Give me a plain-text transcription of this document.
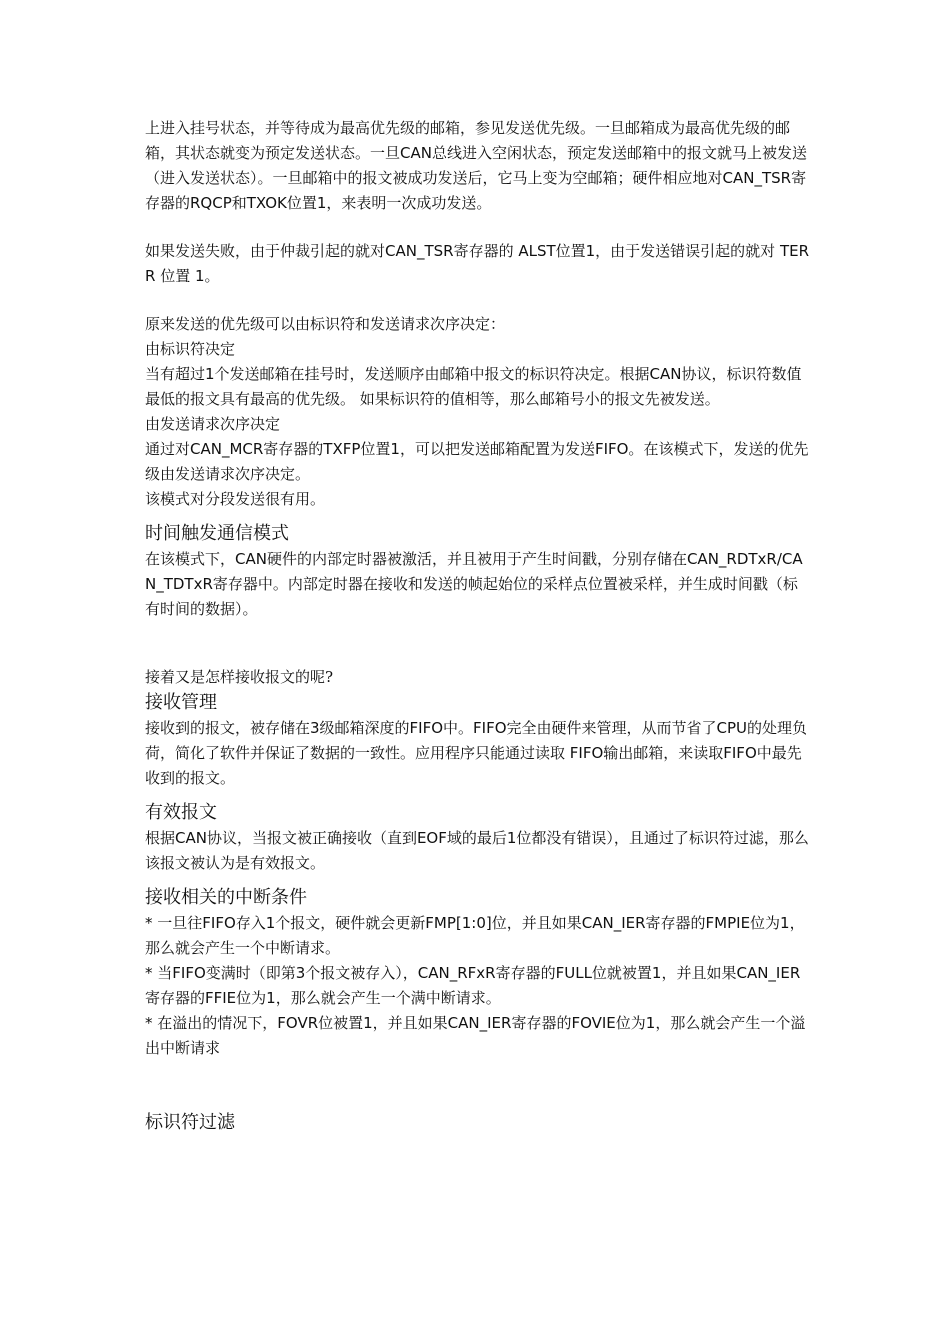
上进入挂号状态，并等待成为最高优先级的邮箱，参见发送优先级。一旦邮箱成为最高优先级的邮箱，其状态就变为预定发送状态。一旦CAN总线进入空闲状态，预定发送邮箱中的报文就马上被发送（进入发送状态）。一旦邮箱中的报文被成功发送后，它马上变为空邮箱；硬件相应地对CAN_TSR寄存器的RQCP和TXOK位置1，来表明一次成功发送。

如果发送失败，由于仲裁引起的就对CAN_TSR寄存器的 ALST位置1，由于发送错误引起的就对 TERR 位置 1。

原来发送的优先级可以由标识符和发送请求次序决定：

由标识符决定

当有超过1个发送邮箱在挂号时，发送顺序由邮箱中报文的标识符决定。根据CAN协议，标识符数值最低的报文具有最高的优先级。 如果标识符的值相等，那么邮箱号小的报文先被发送。

由发送请求次序决定

通过对CAN_MCR寄存器的TXFP位置1，可以把发送邮箱配置为发送FIFO。在该模式下，发送的优先级由发送请求次序决定。

该模式对分段发送很有用。

时间触发通信模式

在该模式下，CAN硬件的内部定时器被激活，并且被用于产生时间戳，分别存储在CAN_RDTxR/CAN_TDTxR寄存器中。内部定时器在接收和发送的帧起始位的采样点位置被采样，并生成时间戳（标有时间的数据）。

接着又是怎样接收报文的呢?

接收管理

接收到的报文，被存储在3级邮箱深度的FIFO中。FIFO完全由硬件来管理，从而节省了CPU的处理负荷，简化了软件并保证了数据的一致性。应用程序只能通过读取 FIFO输出邮箱，来读取FIFO中最先收到的报文。

有效报文

根据CAN协议，当报文被正确接收（直到EOF域的最后1位都没有错误），且通过了标识符过滤，那么该报文被认为是有效报文。

接收相关的中断条件

* 一旦往FIFO存入1个报文，硬件就会更新FMP[1:0]位，并且如果CAN_IER寄存器的FMPIE位为1，那么就会产生一个中断请求。

* 当FIFO变满时（即第3个报文被存入），CAN_RFxR寄存器的FULL位就被置1，并且如果CAN_IER寄存器的FFIE位为1，那么就会产生一个满中断请求。

* 在溢出的情况下，FOVR位被置1，并且如果CAN_IER寄存器的FOVIE位为1，那么就会产生一个溢出中断请求

标识符过滤
